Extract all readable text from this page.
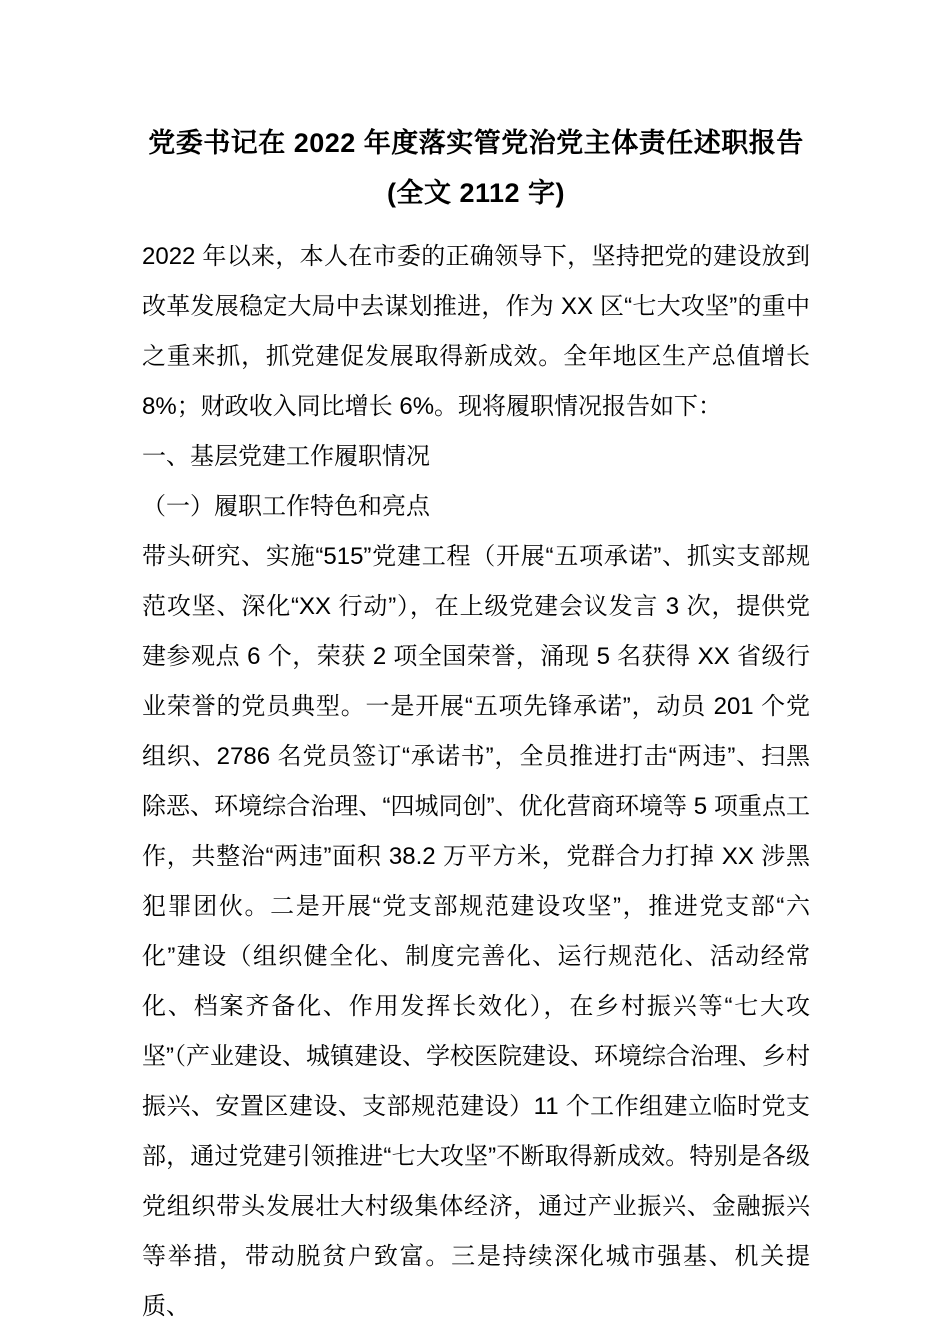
党委书记在 2022 年度落实管党治党主体责任述职报告
(全文 2112 字)

2022 年以来，本人在市委的正确领导下，坚持把党的建设放到改革发展稳定大局中去谋划推进，作为 XX 区“七大攻坚”的重中之重来抓，抓党建促发展取得新成效。全年地区生产总值增长 8%；财政收入同比增长 6%。现将履职情况报告如下：

一、基层党建工作履职情况

（一）履职工作特色和亮点

带头研究、实施“515”党建工程（开展“五项承诺”、抓实支部规范攻坚、深化“XX 行动”），在上级党建会议发言 3 次，提供党建参观点 6 个，荣获 2 项全国荣誉，涌现 5 名获得 XX 省级行业荣誉的党员典型。一是开展“五项先锋承诺”，动员 201 个党组织、2786 名党员签订“承诺书”，全员推进打击“两违”、扫黑除恶、环境综合治理、“四城同创”、优化营商环境等 5 项重点工作，共整治“两违”面积 38.2 万平方米，党群合力打掉 XX 涉黑犯罪团伙。二是开展“党支部规范建设攻坚”，推进党支部“六化”建设（组织健全化、制度完善化、运行规范化、活动经常化、档案齐备化、作用发挥长效化），在乡村振兴等“七大攻坚”（产业建设、城镇建设、学校医院建设、环境综合治理、乡村振兴、安置区建设、支部规范建设）11 个工作组建立临时党支部，通过党建引领推进“七大攻坚”不断取得新成效。特别是各级党组织带头发展壮大村级集体经济，通过产业振兴、金融振兴等举措，带动脱贫户致富。三是持续深化城市强基、机关提质、
